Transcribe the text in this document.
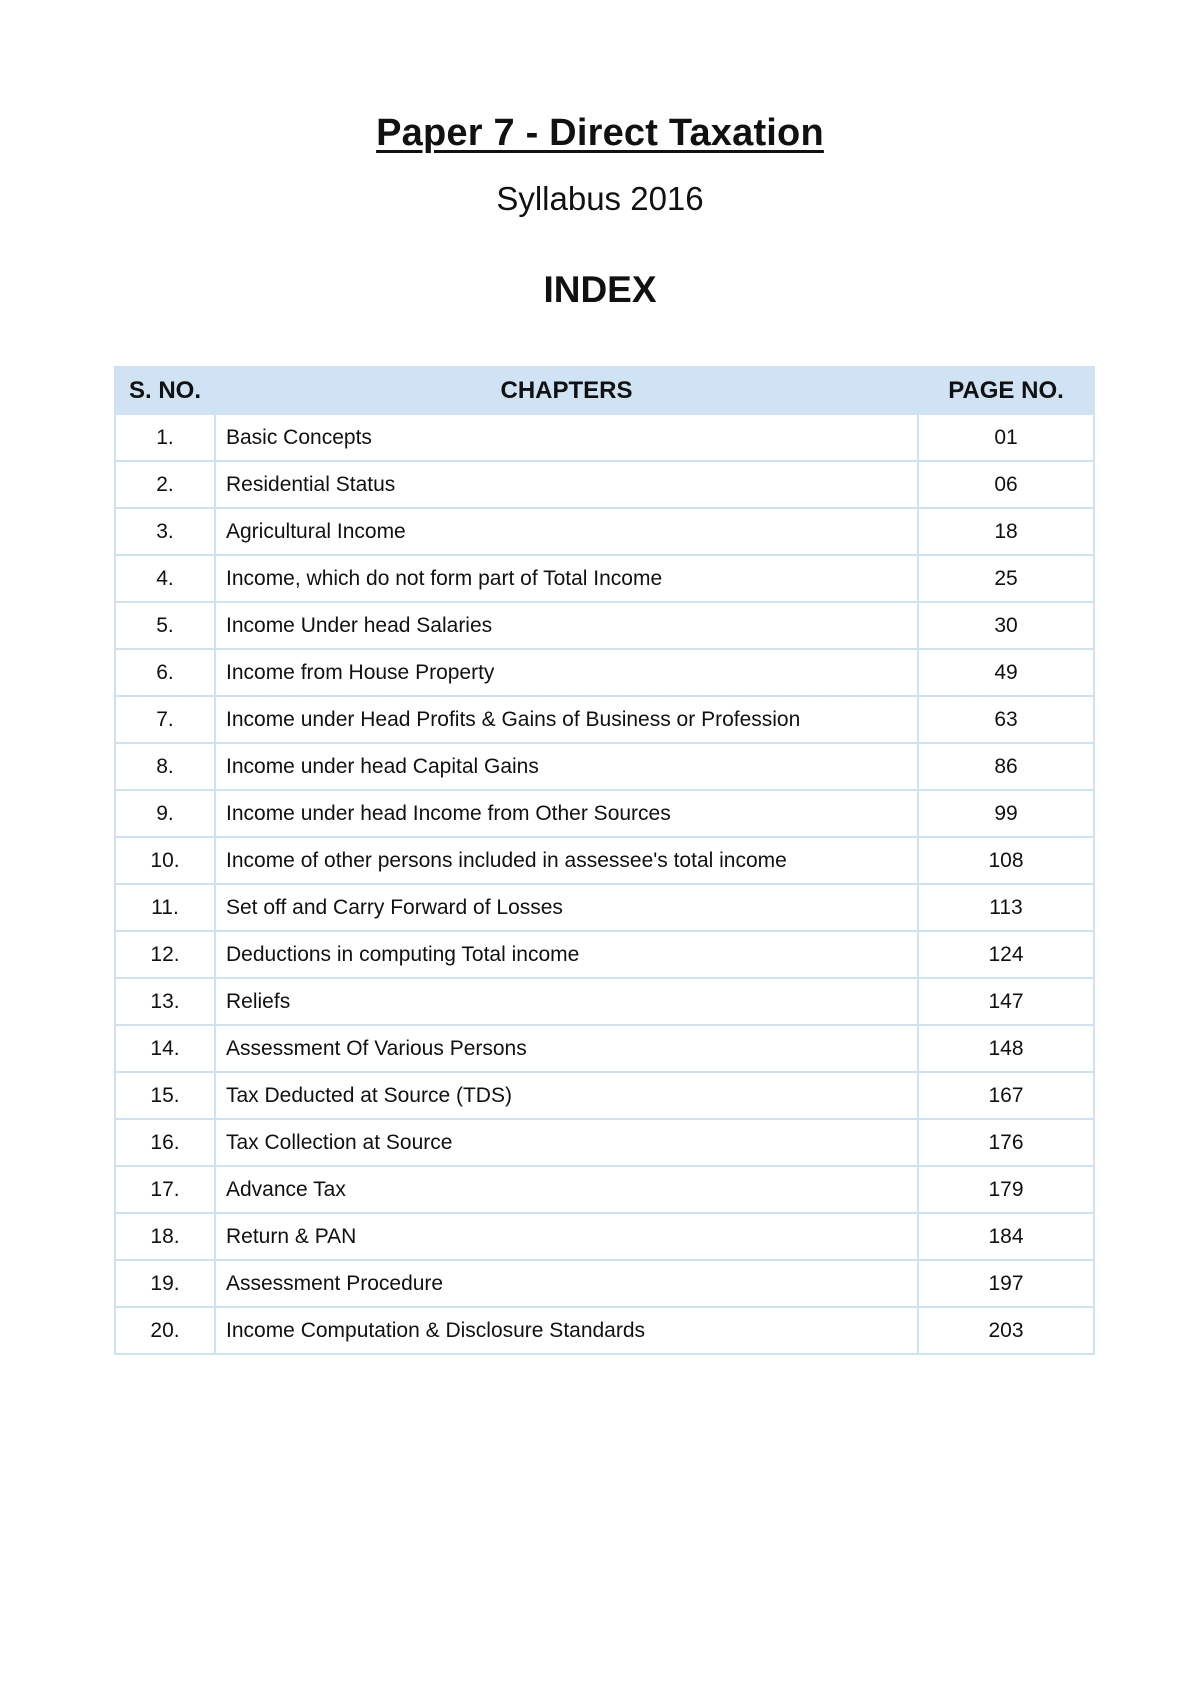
Paper 7 - Direct Taxation
Syllabus 2016
INDEX
S. NO.	CHAPTERS	PAGE NO.
1.	Basic Concepts	01
2.	Residential Status	06
3.	Agricultural Income	18
4.	Income, which do not form part of Total Income	25
5.	Income Under head Salaries	30
6.	Income from House Property	49
7.	Income under Head Profits & Gains of Business or Profession	63
8.	Income under head Capital Gains	86
9.	Income under head Income from Other Sources	99
10.	Income of other persons included in assessee's total income	108
11.	Set off and Carry Forward of Losses	113
12.	Deductions in computing Total income	124
13.	Reliefs	147
14.	Assessment Of Various Persons	148
15.	Tax Deducted at Source (TDS)	167
16.	Tax Collection at Source	176
17.	Advance Tax	179
18.	Return & PAN	184
19.	Assessment Procedure	197
20.	Income Computation & Disclosure Standards	203
